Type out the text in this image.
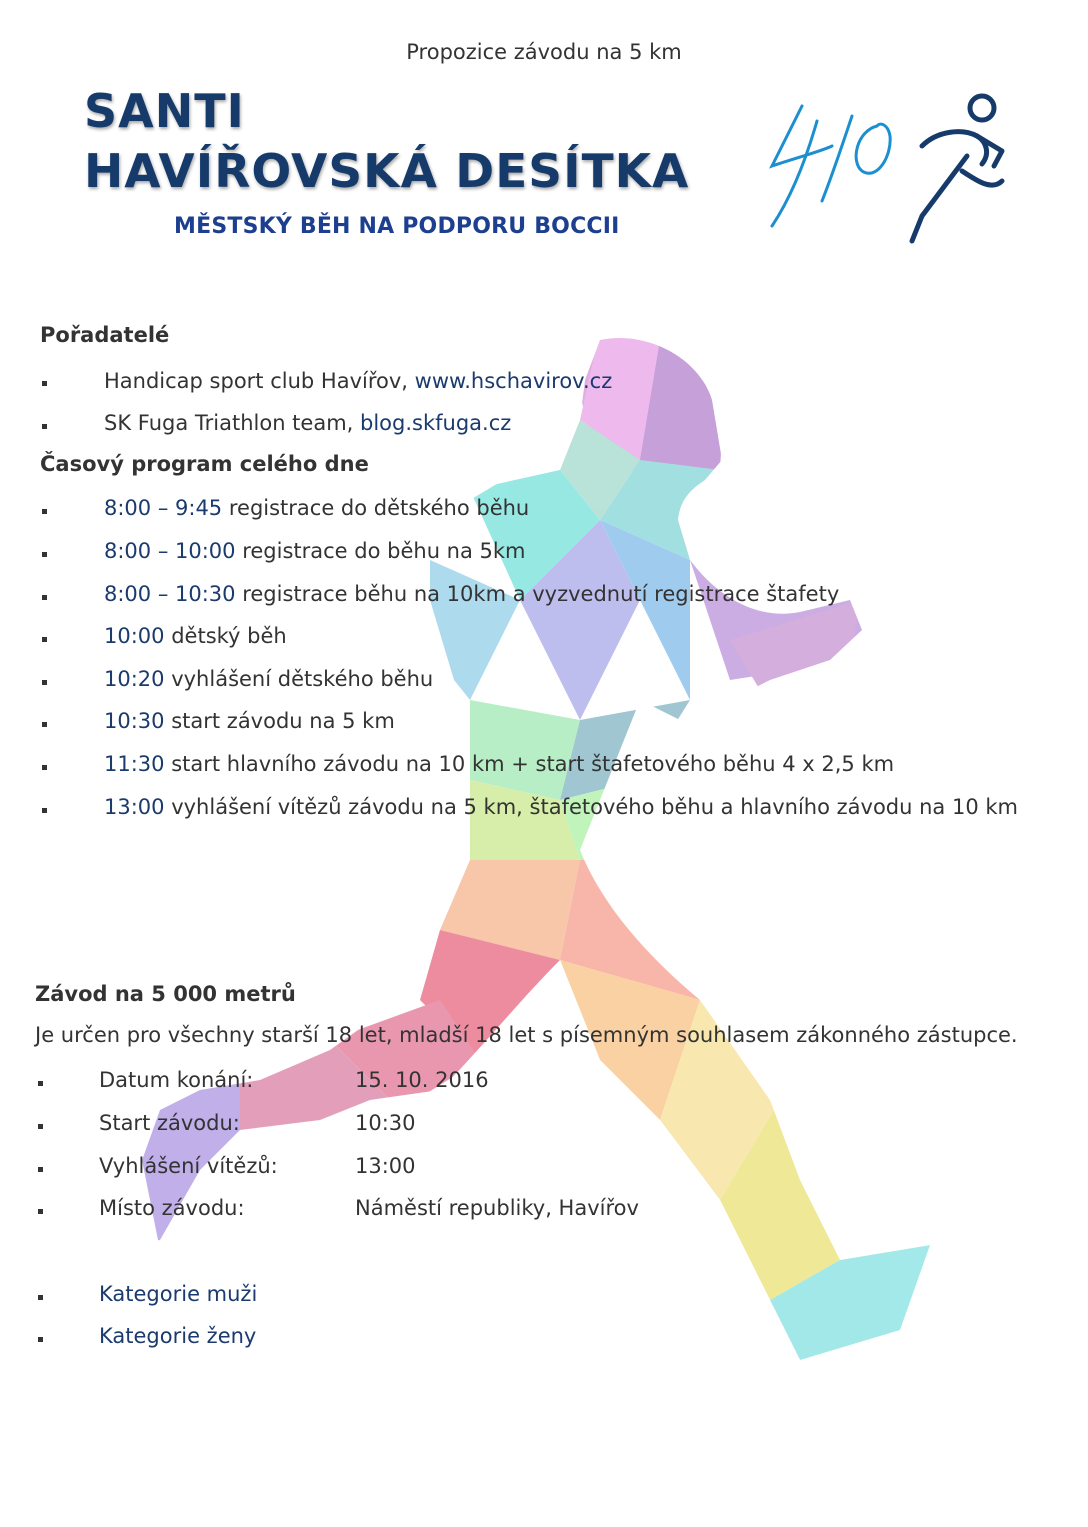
Propozice závodu na 5 km
SANTI
HAVÍŘOVSKÁ DESÍTKA
MĚSTSKÝ BĚH NA PODPORU BOCCII
Pořadatelé
Handicap sport club Havířov, www.hschavirov.cz
SK Fuga Triathlon team, blog.skfuga.cz
Časový program celého dne
8:00 – 9:45 registrace do dětského běhu
8:00 – 10:00 registrace do běhu na 5km
8:00 – 10:30 registrace běhu na 10km a vyzvednutí registrace štafety
10:00 dětský běh
10:20 vyhlášení dětského běhu
10:30 start závodu na 5 km
11:30 start hlavního závodu na 10 km + start štafetového běhu 4 x 2,5 km
13:00 vyhlášení vítězů závodu na 5 km, štafetového běhu a hlavního závodu na 10 km
Závod na 5 000 metrů
Je určen pro všechny starší 18 let, mladší 18 let s písemným souhlasem zákonného zástupce.
Datum konání:	15. 10. 2016
Start závodu:	10:30
Vyhlášení vítězů:	13:00
Místo závodu:	Náměstí republiky, Havířov
Kategorie muži
Kategorie ženy
